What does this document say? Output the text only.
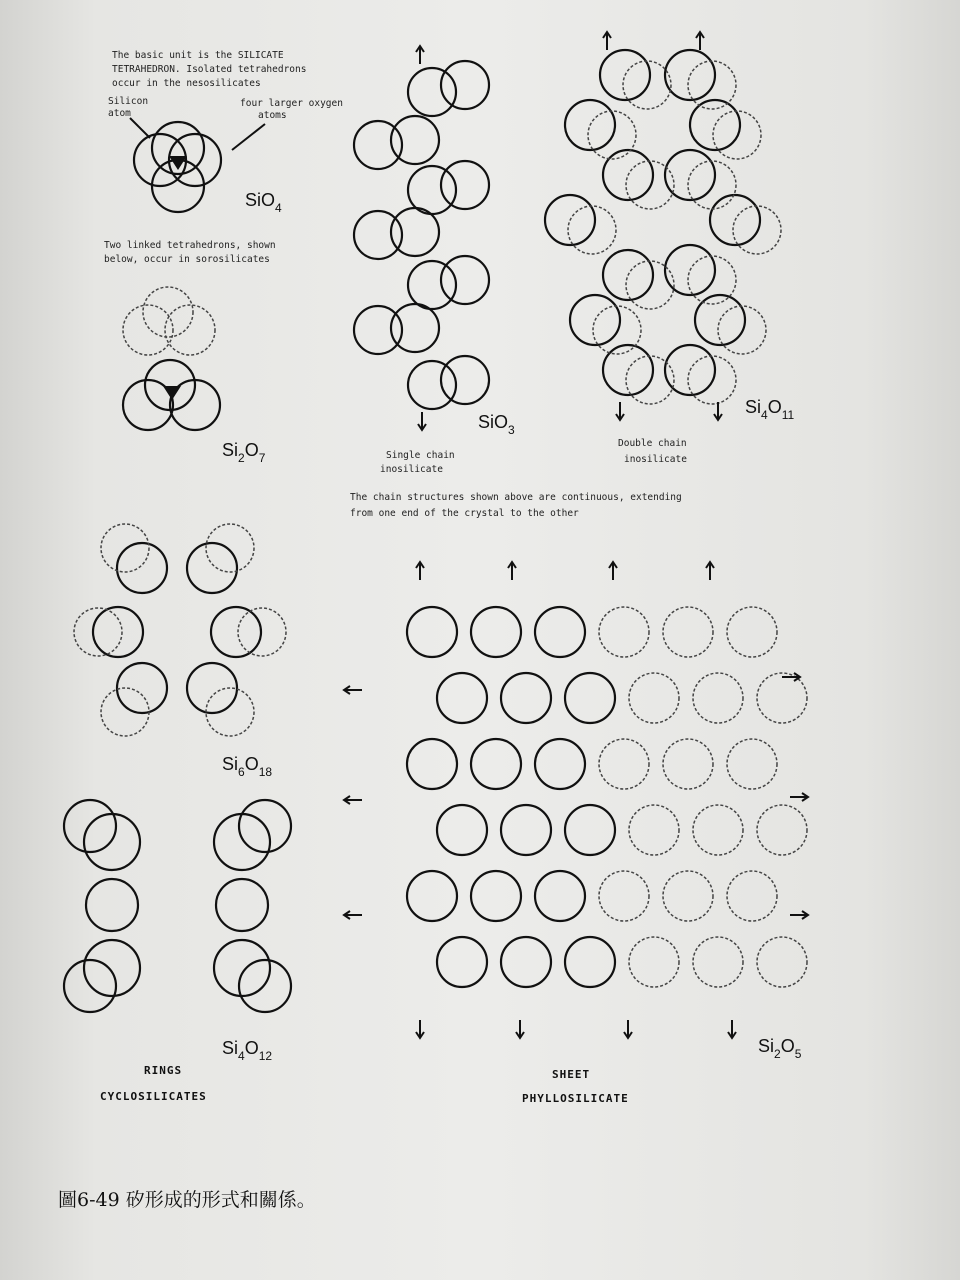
The basic unit is the SILICATE
TETRAHEDRON. Isolated tetrahedrons
occur in the nesosilicates
Silicon
atom
four larger oxygen
atoms
SiO$_4$
Two linked tetrahedrons, shown
below, occur in sorosilicates
$Si_2O_7$
SiO$_3$
Single chain
inosilicate
$Si_4O_{11}$
Double chain
inosilicate
The chain structures shown above are continuous, extending
from one end of the crystal to the other
$Si_6O_{18}$
$Si_4O_{12}$
RINGS
CYCLOSILICATES
$Si_2O_5$
SHEET
PHYLLOSILICATE
圖6-49 矽形成的形式和關係。
